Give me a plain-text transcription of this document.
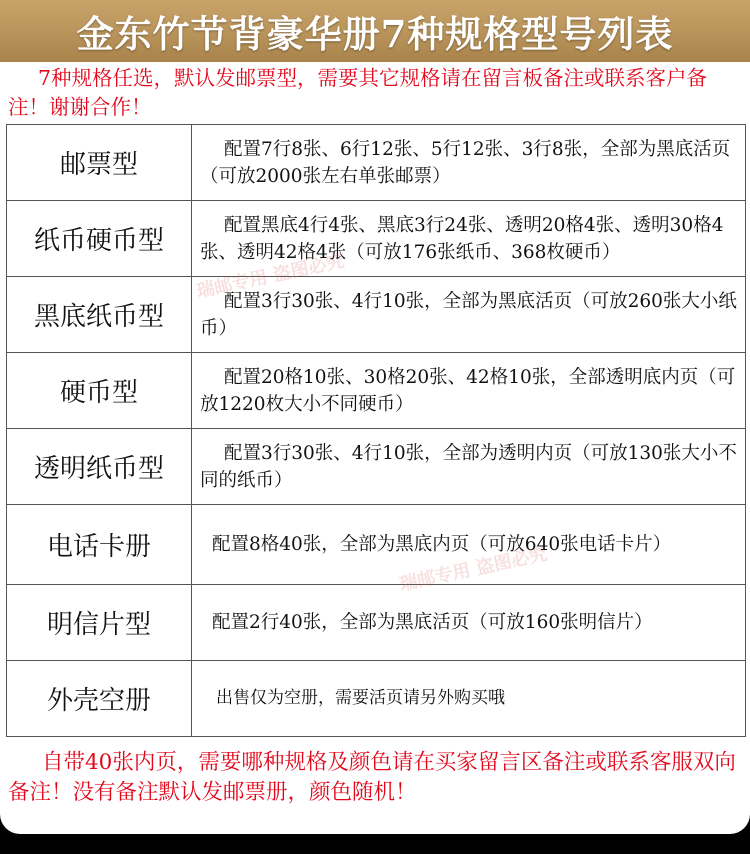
金东竹节背豪华册7种规格型号列表
7种规格任选，默认发邮票型，需要其它规格请在留言板备注或联系客户备注！谢谢合作！
邮票型	配置7行8张、6行12张、5行12张、3行8张，全部为黑底活页（可放2000张左右单张邮票）
纸币硬币型	配置黑底4行4张、黑底3行24张、透明20格4张、透明30格4张、透明42格4张（可放176张纸币、368枚硬币）
黑底纸币型	配置3行30张、4行10张，全部为黑底活页（可放260张大小纸币）
硬币型	配置20格10张、30格20张、42格10张，全部透明底内页（可放1220枚大小不同硬币）
透明纸币型	配置3行30张、4行10张，全部为透明内页（可放130张大小不同的纸币）
电话卡册	配置8格40张，全部为黑底内页（可放640张电话卡片）
明信片型	配置2行40张，全部为黑底活页（可放160张明信片）
外壳空册	出售仅为空册，需要活页请另外购买哦
自带40张内页，需要哪种规格及颜色请在买家留言区备注或联系客服双向备注！没有备注默认发邮票册，颜色随机！
瑞邮专用 盗图必究
瑞邮专用 盗图必究
